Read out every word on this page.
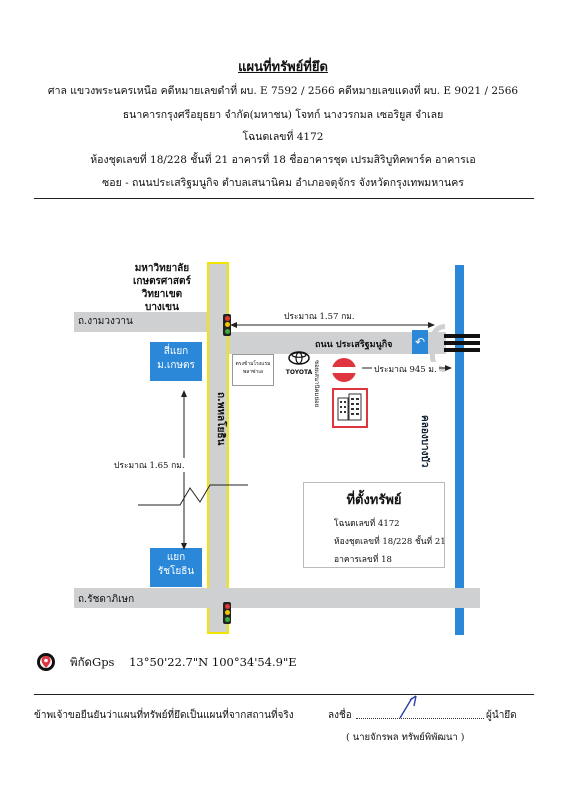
แผนที่ทรัพย์ที่ยึด
ศาล แขวงพระนครเหนือ คดีหมายเลขดำที่ ผบ. E 7592 / 2566 คดีหมายเลขแดงที่ ผบ. E 9021 / 2566
ธนาคารกรุงศรีอยุธยา จำกัด(มหาชน) โจทก์ นางวรกมล เซอริยูส จำเลย
โฉนดเลขที่ 4172
ห้องชุดเลขที่ 18/228 ชั้นที่ 21 อาคารที่ 18 ชื่ออาคารชุด เปรมสิริบูทิคพาร์ค อาคารเอ
ซอย - ถนนประเสริฐมนูกิจ ตำบลเสนานิคม อำเภอจตุจักร จังหวัดกรุงเทพมหานคร
คลองบางบัว
ถ.งามวงวาน
ถนน ประเสริฐมนูกิจ ↶
ถ.พหลโยธิน
ถ.รัชดาภิเษก
มหาวิทยาลัย
เกษตรศาสตร์
วิทยาเขต
บางเขน
สี่แยก
ม.เกษตร
แยก
รัชโยธิน
ประมาณ 1.57 กม.
ประมาณ 1.65 กม.
ตรงข้ามโรงแรม
พลาซ่าเอ	TOYOTA ซอยเสนานิคมย่อย	ประมาณ 945 ม.
ที่ตั้งทรัพย์
โฉนดเลขที่ 4172
ห้องชุดเลขที่ 18/228 ชั้นที่ 21
อาคารเลขที่ 18
พิกัดGps    13°50'22.7"N 100°34'54.9"E
ข้าพเจ้าขอยืนยันว่าแผนที่ทรัพย์ที่ยึดเป็นแผนที่จากสถานที่จริง	ลงชื่อ	ผู้นำยึด
( นายจักรพล ทรัพย์พิพัฒนา )
